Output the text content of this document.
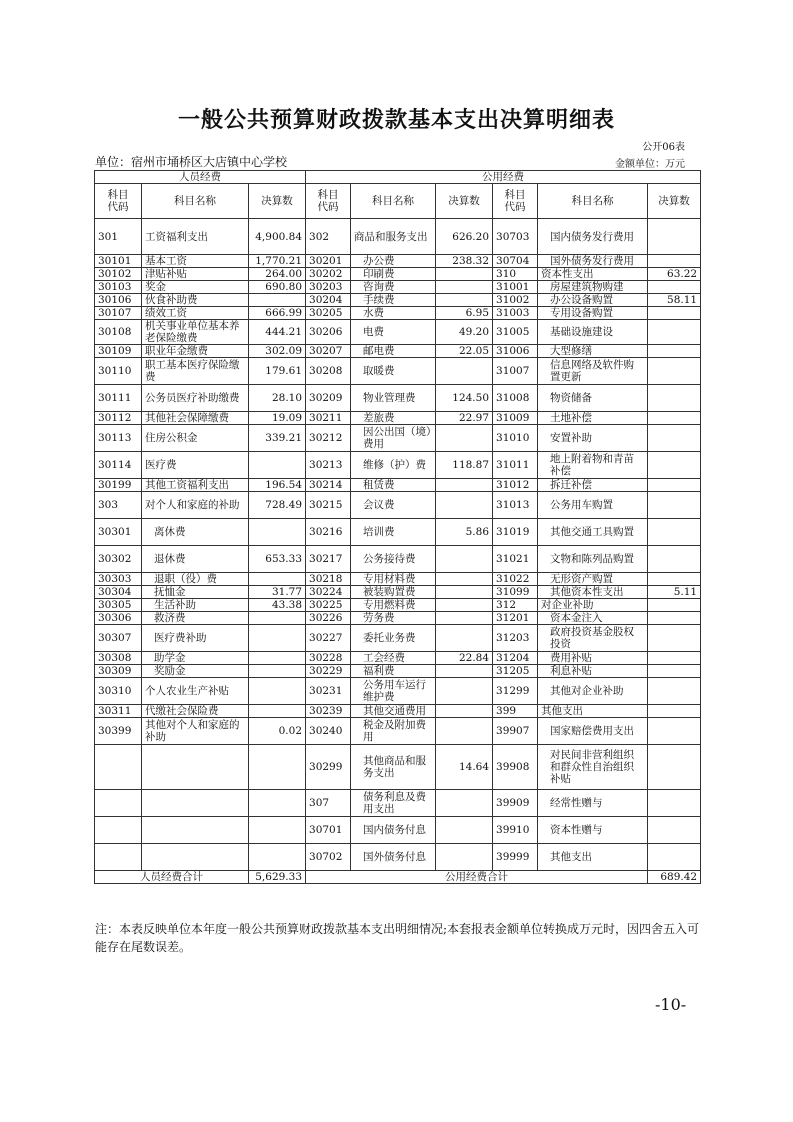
一般公共预算财政拨款基本支出决算明细表
公开06表
单位：宿州市埇桥区大店镇中心学校	金额单位：万元
人员经费			公用经费					
科目
代码	科目名称	决算数	科目
代码	科目名称	决算数	科目
代码	科目名称	决算数
301	工资福利支出	4,900.84	302	商品和服务支出	626.20	30703	国内债务发行费用	
30101	基本工资	1,770.21	30201	办公费	238.32	30704	国外债务发行费用	
30102	津贴补贴	264.00	30202	印刷费		310	资本性支出	63.22
30103	奖金	690.80	30203	咨询费		31001	房屋建筑物购建	
30106	伙食补助费		30204	手续费		31002	办公设备购置	58.11
30107	绩效工资	666.99	30205	水费	6.95	31003	专用设备购置	
30108	机关事业单位基本养老保险缴费	444.21	30206	电费	49.20	31005	基础设施建设	
30109	职业年金缴费	302.09	30207	邮电费	22.05	31006	大型修缮	
30110	职工基本医疗保险缴费	179.61	30208	取暖费		31007	信息网络及软件购置更新	
30111	公务员医疗补助缴费	28.10	30209	物业管理费	124.50	31008	物资储备	
30112	其他社会保障缴费	19.09	30211	差旅费	22.97	31009	土地补偿	
30113	住房公积金	339.21	30212	因公出国（境）费用		31010	安置补助	
30114	医疗费		30213	维修（护）费	118.87	31011	地上附着物和青苗补偿	
30199	其他工资福利支出	196.54	30214	租赁费		31012	拆迁补偿	
303	对个人和家庭的补助	728.49	30215	会议费		31013	公务用车购置	
30301	离休费		30216	培训费	5.86	31019	其他交通工具购置	
30302	退休费	653.33	30217	公务接待费		31021	文物和陈列品购置	
30303	退职（役）费		30218	专用材料费		31022	无形资产购置	
30304	抚恤金	31.77	30224	被装购置费		31099	其他资本性支出	5.11
30305	生活补助	43.38	30225	专用燃料费		312	对企业补助	
30306	救济费		30226	劳务费		31201	资本金注入	
30307	医疗费补助		30227	委托业务费		31203	政府投资基金股权投资	
30308	助学金		30228	工会经费	22.84	31204	费用补贴	
30309	奖励金		30229	福利费		31205	利息补贴	
30310	个人农业生产补贴		30231	公务用车运行维护费		31299	其他对企业补助	
30311	代缴社会保险费		30239	其他交通费用		399	其他支出	
30399	其他对个人和家庭的补助	0.02	30240	税金及附加费用		39907	国家赔偿费用支出	
			30299	其他商品和服务支出	14.64	39908	对民间非营利组织和群众性自治组织补贴	
			307	债务利息及费用支出		39909	经常性赠与	
			30701	国内债务付息		39910	资本性赠与	
			30702	国外债务付息		39999	其他支出	
人员经费合计		5,629.33	公用经费合计					689.42
注：本表反映单位本年度一般公共预算财政拨款基本支出明细情况;本套报表金额单位转换成万元时，因四舍五入可能存在尾数误差。
-10-
